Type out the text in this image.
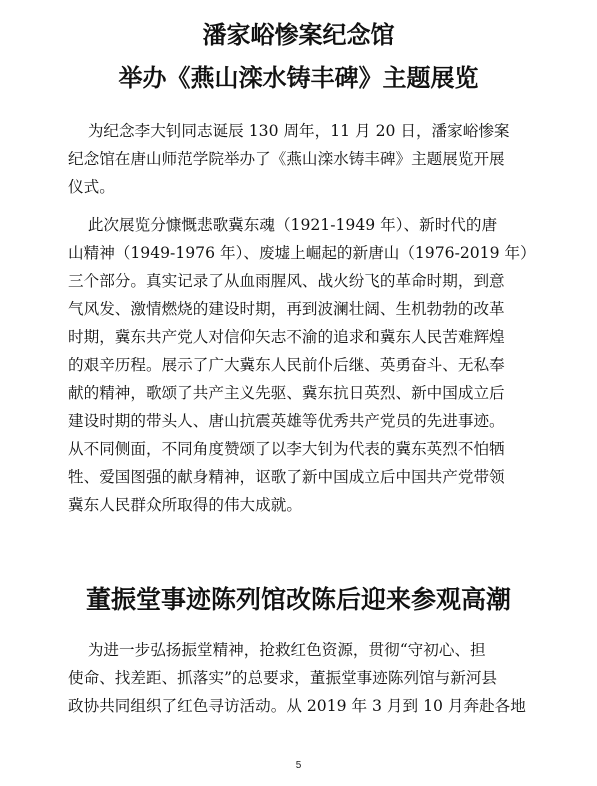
潘家峪惨案纪念馆
举办《燕山滦水铸丰碑》主题展览
为纪念李大钊同志诞辰 130 周年，11 月 20 日，潘家峪惨案
纪念馆在唐山师范学院举办了《燕山滦水铸丰碑》主题展览开展
仪式。
此次展览分慷慨悲歌冀东魂（1921-1949 年）、新时代的唐
山精神（1949-1976 年）、废墟上崛起的新唐山（1976-2019 年）
三个部分。真实记录了从血雨腥风、战火纷飞的革命时期，到意
气风发、激情燃烧的建设时期，再到波澜壮阔、生机勃勃的改革
时期，冀东共产党人对信仰矢志不渝的追求和冀东人民苦难辉煌
的艰辛历程。展示了广大冀东人民前仆后继、英勇奋斗、无私奉
献的精神，歌颂了共产主义先驱、冀东抗日英烈、新中国成立后
建设时期的带头人、唐山抗震英雄等优秀共产党员的先进事迹。
从不同侧面，不同角度赞颂了以李大钊为代表的冀东英烈不怕牺
牲、爱国图强的献身精神，讴歌了新中国成立后中国共产党带领
冀东人民群众所取得的伟大成就。
董振堂事迹陈列馆改陈后迎来参观高潮
为进一步弘扬振堂精神，抢救红色资源，贯彻“守初心、担
使命、找差距、抓落实”的总要求，董振堂事迹陈列馆与新河县
政协共同组织了红色寻访活动。从 2019 年 3 月到 10 月奔赴各地
5
